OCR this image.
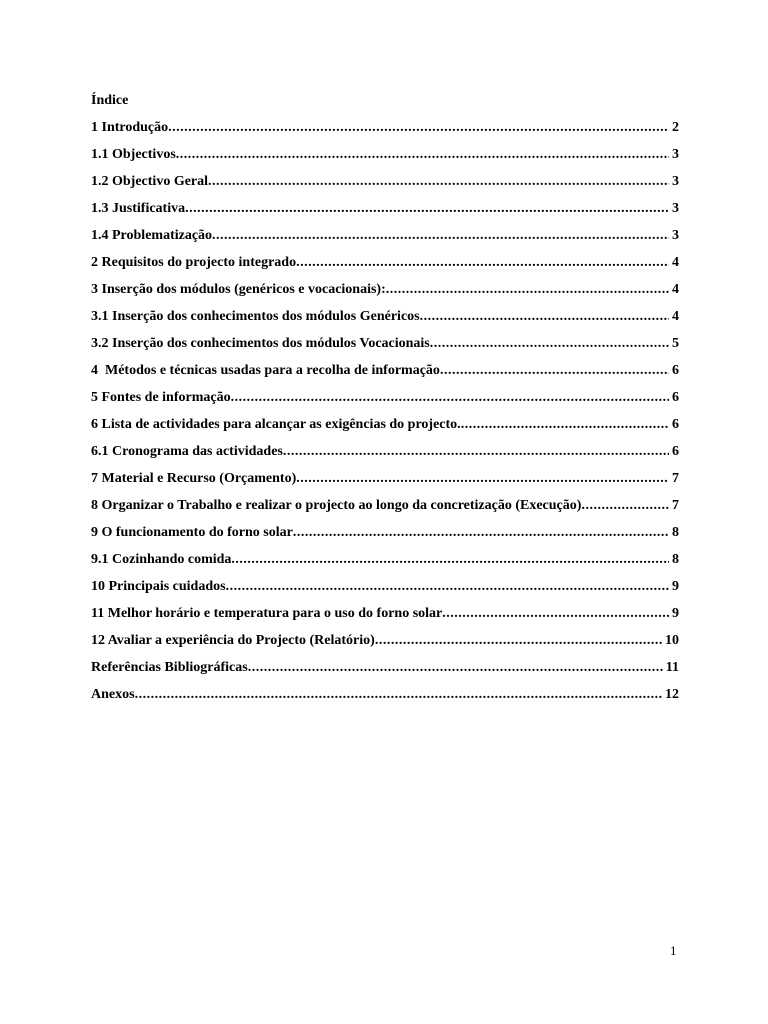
Índice
1 Introdução .....	2
1.1 Objectivos .....	3
1.2 Objectivo Geral .....	3
1.3 Justificativa .....	3
1.4 Problematização .....	3
2 Requisitos do projecto integrado .....	4
3 Inserção dos módulos (genéricos e vocacionais): .....	4
3.1 Inserção dos conhecimentos dos módulos Genéricos .....	4
3.2 Inserção dos conhecimentos dos módulos Vocacionais .....	5
4  Métodos e técnicas usadas para a recolha de informação .....	6
5 Fontes de informação .....	6
6 Lista de actividades para alcançar as exigências do projecto. .....	6
6.1 Cronograma das actividades .....	6
7 Material e Recurso (Orçamento) .....	7
8 Organizar o Trabalho e realizar o projecto ao longo da concretização (Execução) .....	7
9 O funcionamento do forno solar .....	8
9.1 Cozinhando comida .....	8
10 Principais cuidados .....	9
11 Melhor horário e temperatura para o uso do forno solar .....	9
12 Avaliar a experiência do Projecto (Relatório) .....	10
Referências Bibliográficas .....	11
Anexos .....	12
1
